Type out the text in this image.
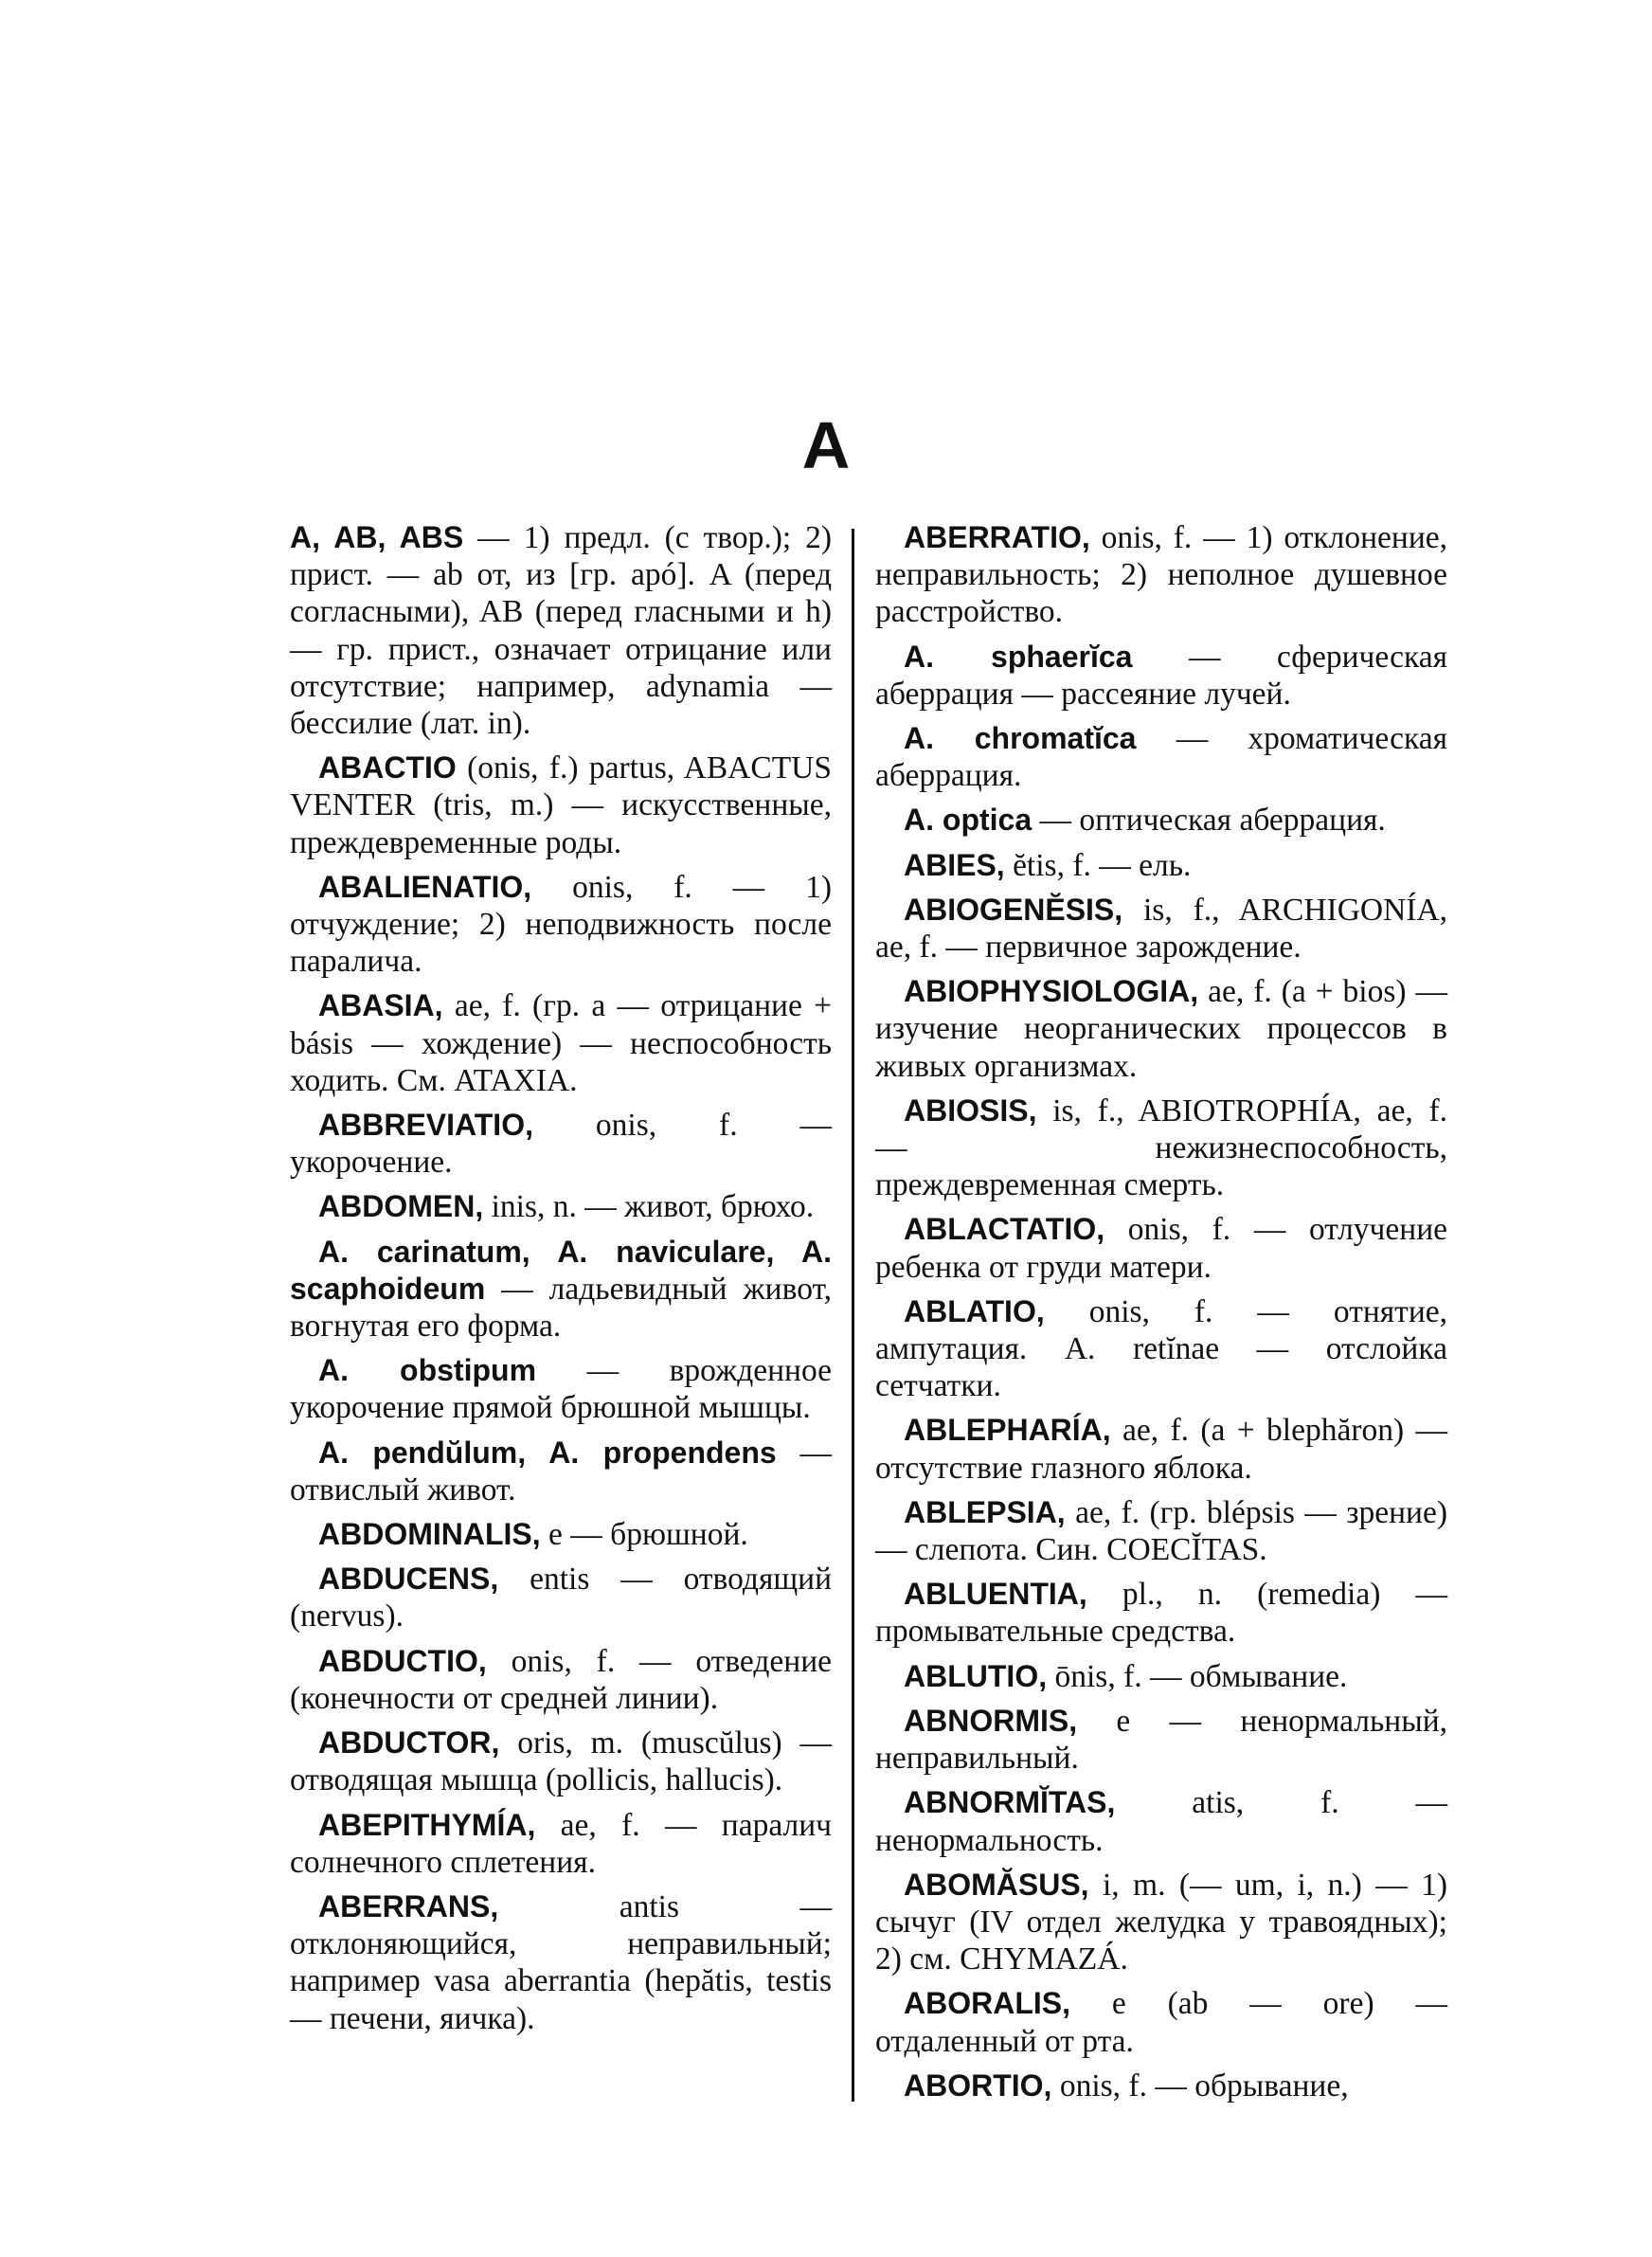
A

A, AB, ABS — 1) предл. (с твор.); 2) прист. — ab от, из [гр. apó]. A (перед согласными), AB (перед гласными и h) — гр. прист., означает отрицание или отсутствие; например, adynamia — бессилие (лат. in).

ABACTIO (onis, f.) partus, ABACTUS VENTER (tris, m.) — искусственные, преждевременные роды.

ABALIENATIO, onis, f. — 1) отчуждение; 2) неподвижность после паралича.

ABASIA, ae, f. (гр. a — отрицание + básis — хождение) — неспособность ходить. См. ATAXIA.

ABBREVIATIO, onis, f. — укорочение.

ABDOMEN, inis, n. — живот, брюхо.

A. carinatum, A. naviculare, A. scaphoideum — ладьевидный живот, вогнутая его форма.

A. obstipum — врожденное укорочение прямой брюшной мышцы.

A. pendŭlum, A. propendens — отвислый живот.

ABDOMINALIS, e — брюшной.

ABDUCENS, entis — отводящий (nervus).

ABDUCTIO, onis, f. — отведение (конечности от средней линии).

ABDUCTOR, oris, m. (muscŭlus) — отводящая мышца (pollicis, hallucis).

ABEPITHYMÍA, ae, f. — паралич солнечного сплетения.

ABERRANS,	antis — отклоняющийся, неправильный; например vasa aberrantia (hepătis, testis — печени, яичка).

ABERRATIO, onis, f. — 1) отклонение, неправильность; 2) неполное душевное расстройство.

A. sphaerĭca — сферическая аберрация — рассеяние лучей.

A. chromatĭca — хроматическая аберрация.

A. optica — оптическая аберрация.

ABIES, ĕtis, f. — ель.

ABIOGENĔSIS, is, f., ARCHIGONÍA, ae, f. — первичное зарождение.

ABIOPHYSIOLOGIA, ae, f. (a + bios) — изучение неорганических процессов в живых организмах.

ABIOSIS, is, f., ABIOTROPHÍA, ae, f. — нежизнеспособность, преждевременная смерть.

ABLACTATIO, onis, f. — отлучение ребенка от груди матери.

ABLATIO, onis, f. — отнятие, ампутация. A. retĭnae — отслойка сетчатки.

ABLEPHARÍA, ae, f. (a + blephăron) — отсутствие глазного яблока.

ABLEPSIA, ae, f. (гр. blépsis — зрение) — слепота. Син. COECĬTAS.

ABLUENTIA, pl., n. (remedia) — промывательные средства.

ABLUTIO, ōnis, f. — обмывание.

ABNORMIS, e — ненормальный, неправильный.

ABNORMĬTAS, atis, f. — ненормальность.

ABOMĂSUS, i, m. (— um, i, n.) — 1) сычуг (IV отдел желудка у травоядных); 2) см. CHYMAZÁ.

ABORALIS, e (ab — ore) — отдаленный от рта.

ABORTIO, onis, f. — обрывание,
